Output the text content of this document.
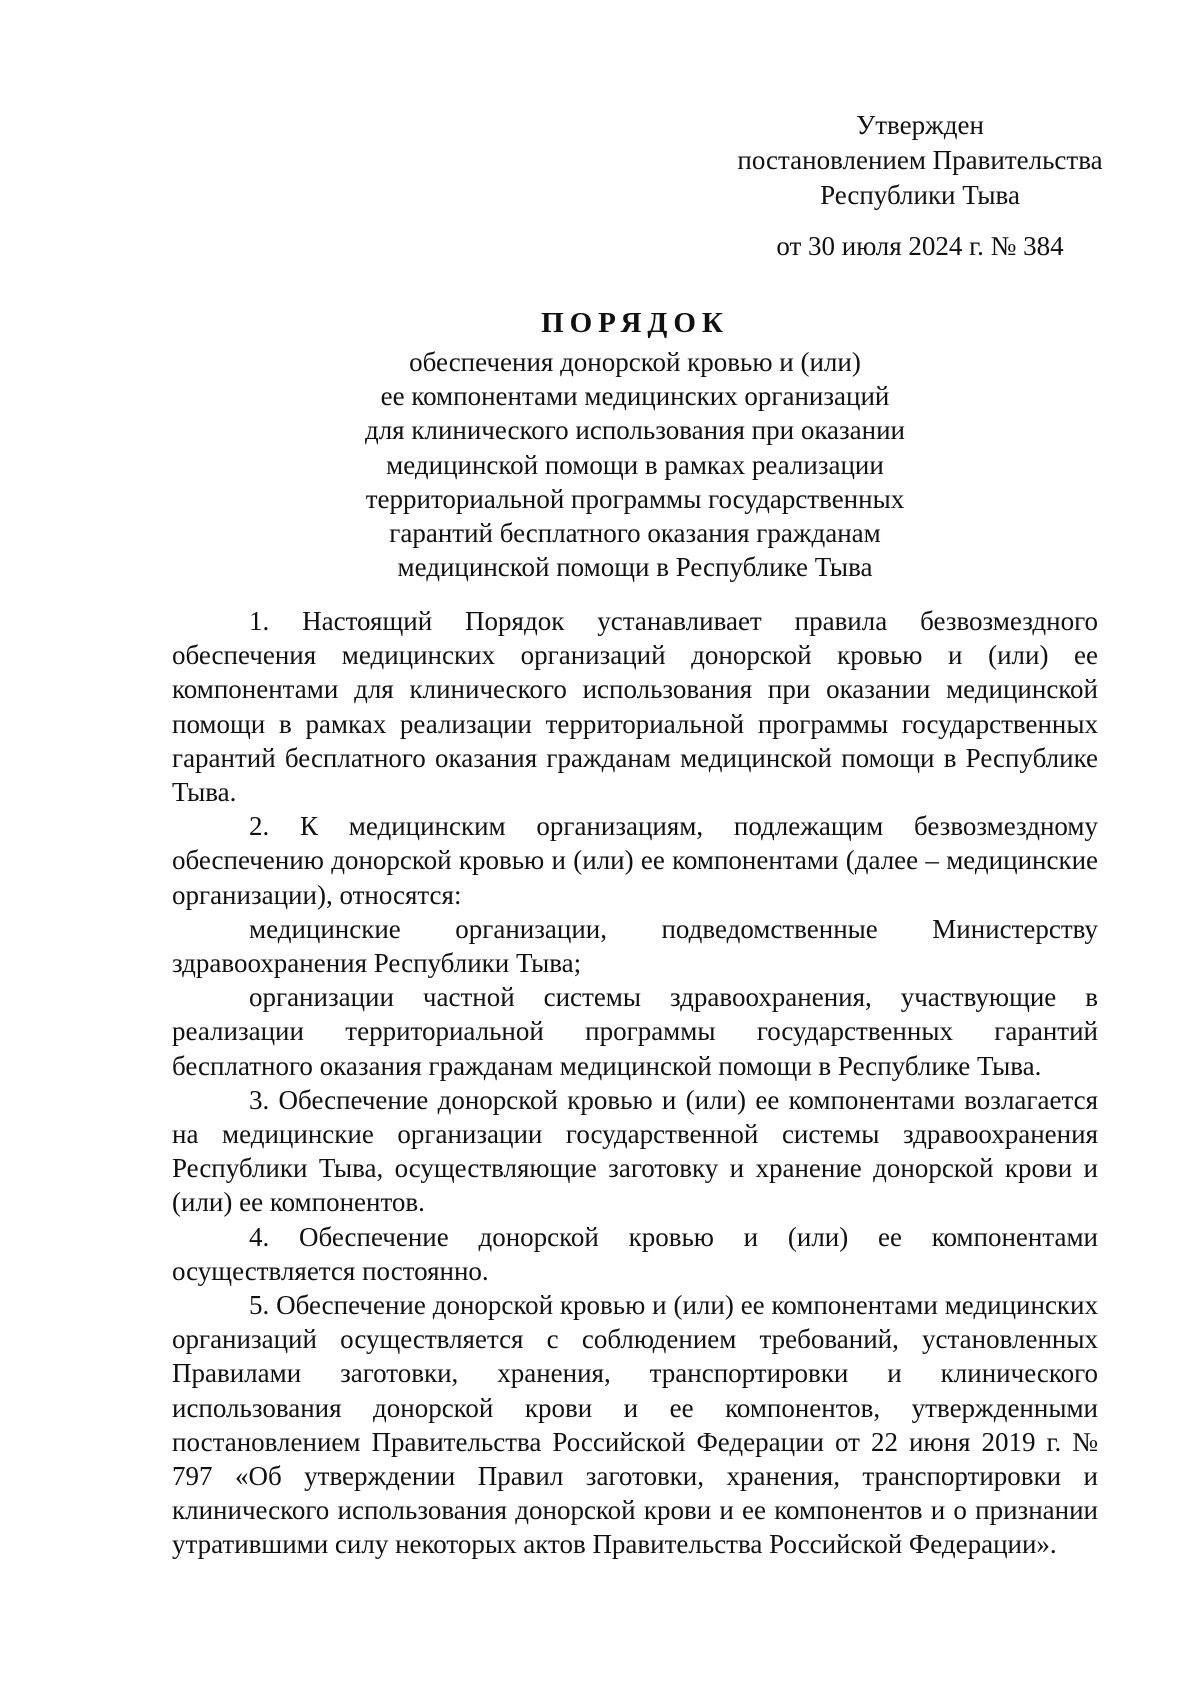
Утвержден
постановлением Правительства
Республики Тыва
от 30 июля 2024 г. № 384
ПОРЯДОК
обеспечения донорской кровью и (или)
ее компонентами медицинских организаций
для клинического использования при оказании
медицинской помощи в рамках реализации
территориальной программы государственных
гарантий бесплатного оказания гражданам
медицинской помощи в Республике Тыва

1. Настоящий Порядок устанавливает правила безвозмездного обеспечения медицинских организаций донорской кровью и (или) ее компонентами для клинического использования при оказании медицинской помощи в рамках реализации территориальной программы государственных гарантий бесплатного оказания гражданам медицинской помощи в Республике Тыва.

2. К медицинским организациям, подлежащим безвозмездному обеспечению донорской кровью и (или) ее компонентами (далее – медицинские организации), относятся:

медицинские организации, подведомственные Министерству здравоохранения Республики Тыва;

организации частной системы здравоохранения, участвующие в реализации территориальной программы государственных гарантий бесплатного оказания гражданам медицинской помощи в Республике Тыва.

3. Обеспечение донорской кровью и (или) ее компонентами возлагается на медицинские организации государственной системы здравоохранения Республики Тыва, осуществляющие заготовку и хранение донорской крови и (или) ее компонентов.

4. Обеспечение донорской кровью и (или) ее компонентами осуществляется постоянно.

5. Обеспечение донорской кровью и (или) ее компонентами медицинских организаций осуществляется с соблюдением требований, установленных Правилами заготовки, хранения, транспортировки и клинического использования донорской крови и ее компонентов, утвержденными постановлением Правительства Российской Федерации от 22 июня 2019 г. № 797 «Об утверждении Правил заготовки, хранения, транспортировки и клинического использования донорской крови и ее компонентов и о признании утратившими силу некоторых актов Правительства Российской Федерации».
